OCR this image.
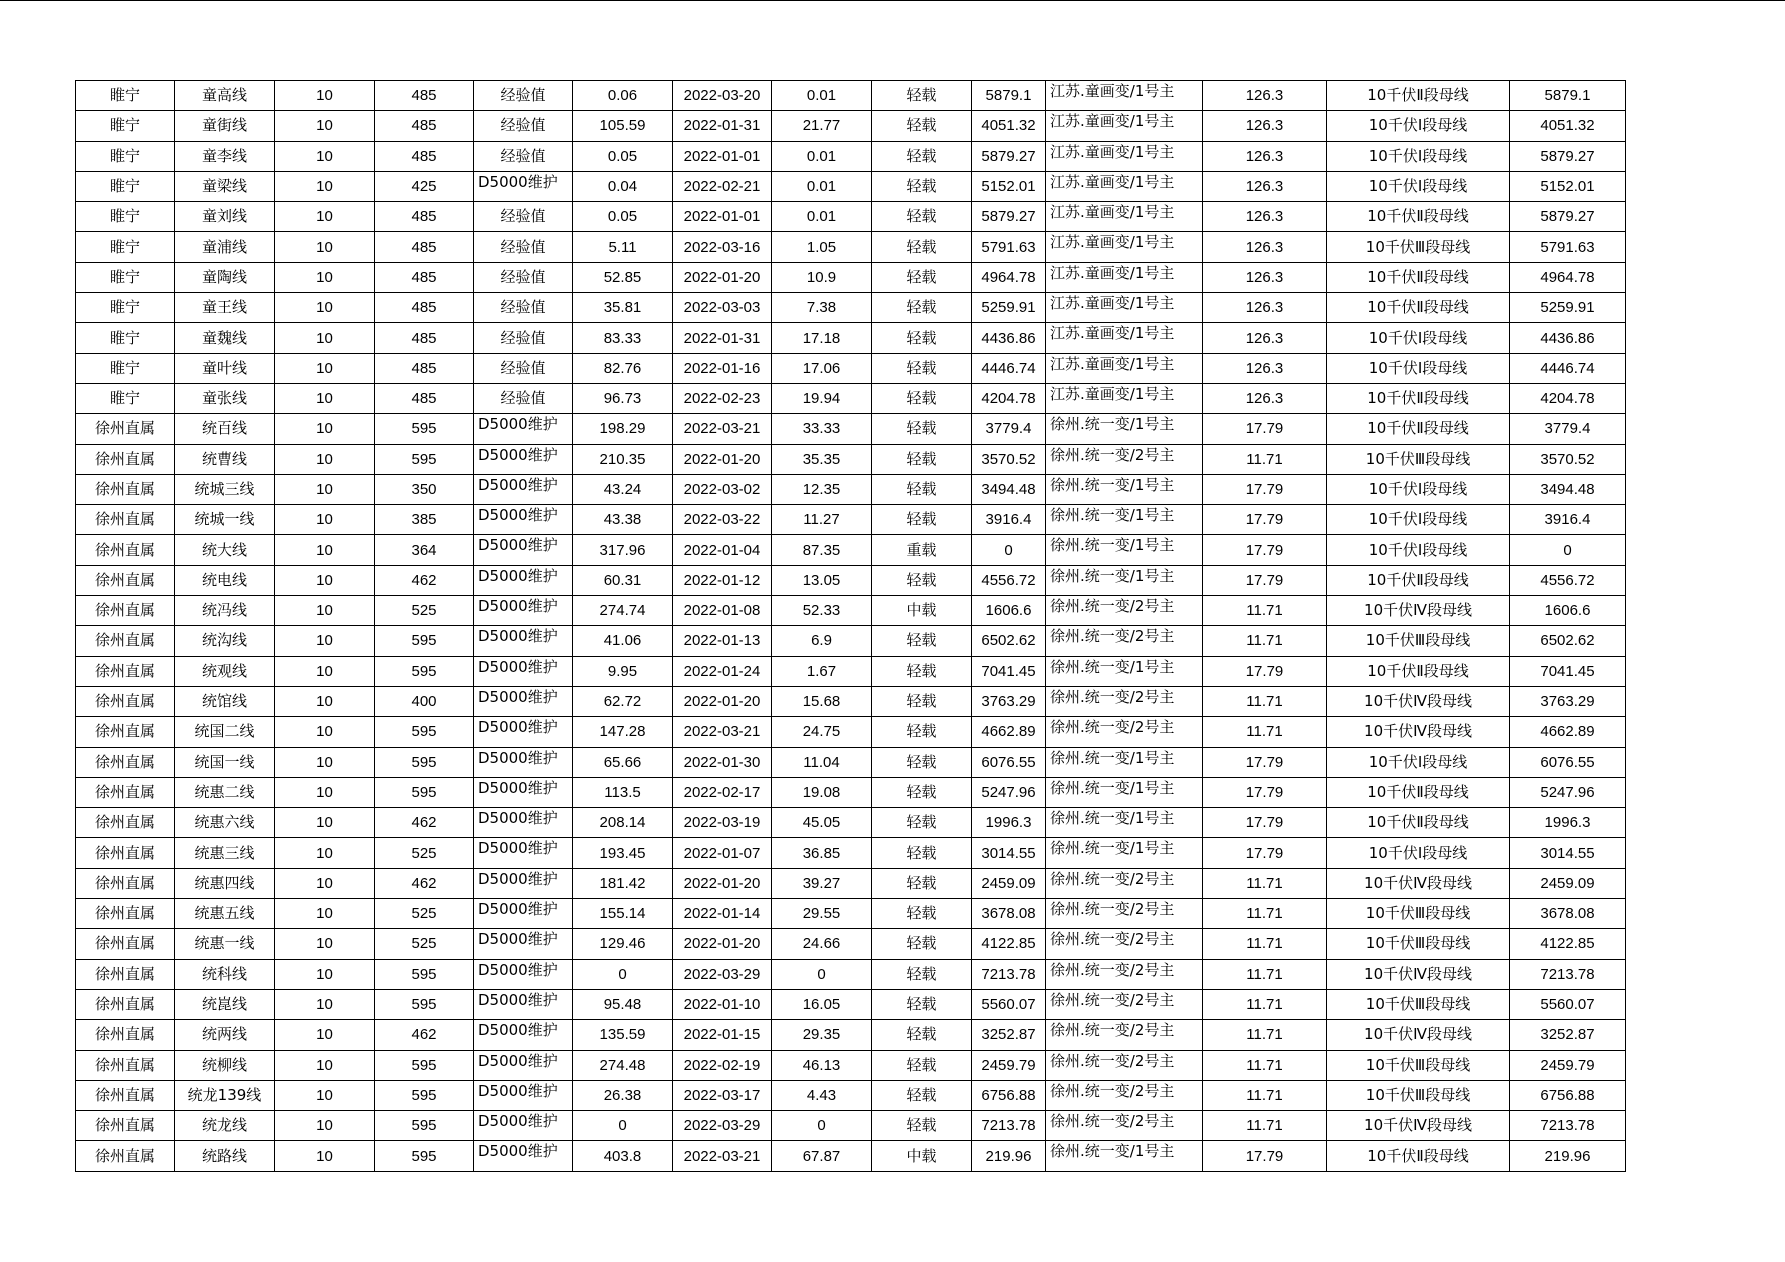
睢宁	童高线	10	485	经验值	0.06	2022-03-20	0.01	轻载	5879.1	江苏.童画变/1号主	126.3	10千伏Ⅱ段母线	5879.1
睢宁	童街线	10	485	经验值	105.59	2022-01-31	21.77	轻载	4051.32	江苏.童画变/1号主	126.3	10千伏Ⅰ段母线	4051.32
睢宁	童李线	10	485	经验值	0.05	2022-01-01	0.01	轻载	5879.27	江苏.童画变/1号主	126.3	10千伏Ⅰ段母线	5879.27
睢宁	童梁线	10	425	D5000维护	0.04	2022-02-21	0.01	轻载	5152.01	江苏.童画变/1号主	126.3	10千伏Ⅰ段母线	5152.01
睢宁	童刘线	10	485	经验值	0.05	2022-01-01	0.01	轻载	5879.27	江苏.童画变/1号主	126.3	10千伏Ⅱ段母线	5879.27
睢宁	童浦线	10	485	经验值	5.11	2022-03-16	1.05	轻载	5791.63	江苏.童画变/1号主	126.3	10千伏Ⅲ段母线	5791.63
睢宁	童陶线	10	485	经验值	52.85	2022-01-20	10.9	轻载	4964.78	江苏.童画变/1号主	126.3	10千伏Ⅱ段母线	4964.78
睢宁	童王线	10	485	经验值	35.81	2022-03-03	7.38	轻载	5259.91	江苏.童画变/1号主	126.3	10千伏Ⅱ段母线	5259.91
睢宁	童魏线	10	485	经验值	83.33	2022-01-31	17.18	轻载	4436.86	江苏.童画变/1号主	126.3	10千伏Ⅰ段母线	4436.86
睢宁	童叶线	10	485	经验值	82.76	2022-01-16	17.06	轻载	4446.74	江苏.童画变/1号主	126.3	10千伏Ⅰ段母线	4446.74
睢宁	童张线	10	485	经验值	96.73	2022-02-23	19.94	轻载	4204.78	江苏.童画变/1号主	126.3	10千伏Ⅱ段母线	4204.78
徐州直属	统百线	10	595	D5000维护	198.29	2022-03-21	33.33	轻载	3779.4	徐州.统一变/1号主	17.79	10千伏Ⅱ段母线	3779.4
徐州直属	统曹线	10	595	D5000维护	210.35	2022-01-20	35.35	轻载	3570.52	徐州.统一变/2号主	11.71	10千伏Ⅲ段母线	3570.52
徐州直属	统城三线	10	350	D5000维护	43.24	2022-03-02	12.35	轻载	3494.48	徐州.统一变/1号主	17.79	10千伏Ⅰ段母线	3494.48
徐州直属	统城一线	10	385	D5000维护	43.38	2022-03-22	11.27	轻载	3916.4	徐州.统一变/1号主	17.79	10千伏Ⅰ段母线	3916.4
徐州直属	统大线	10	364	D5000维护	317.96	2022-01-04	87.35	重载	0	徐州.统一变/1号主	17.79	10千伏Ⅰ段母线	0
徐州直属	统电线	10	462	D5000维护	60.31	2022-01-12	13.05	轻载	4556.72	徐州.统一变/1号主	17.79	10千伏Ⅱ段母线	4556.72
徐州直属	统冯线	10	525	D5000维护	274.74	2022-01-08	52.33	中载	1606.6	徐州.统一变/2号主	11.71	10千伏Ⅳ段母线	1606.6
徐州直属	统沟线	10	595	D5000维护	41.06	2022-01-13	6.9	轻载	6502.62	徐州.统一变/2号主	11.71	10千伏Ⅲ段母线	6502.62
徐州直属	统观线	10	595	D5000维护	9.95	2022-01-24	1.67	轻载	7041.45	徐州.统一变/1号主	17.79	10千伏Ⅱ段母线	7041.45
徐州直属	统馆线	10	400	D5000维护	62.72	2022-01-20	15.68	轻载	3763.29	徐州.统一变/2号主	11.71	10千伏Ⅳ段母线	3763.29
徐州直属	统国二线	10	595	D5000维护	147.28	2022-03-21	24.75	轻载	4662.89	徐州.统一变/2号主	11.71	10千伏Ⅳ段母线	4662.89
徐州直属	统国一线	10	595	D5000维护	65.66	2022-01-30	11.04	轻载	6076.55	徐州.统一变/1号主	17.79	10千伏Ⅰ段母线	6076.55
徐州直属	统惠二线	10	595	D5000维护	113.5	2022-02-17	19.08	轻载	5247.96	徐州.统一变/1号主	17.79	10千伏Ⅱ段母线	5247.96
徐州直属	统惠六线	10	462	D5000维护	208.14	2022-03-19	45.05	轻载	1996.3	徐州.统一变/1号主	17.79	10千伏Ⅱ段母线	1996.3
徐州直属	统惠三线	10	525	D5000维护	193.45	2022-01-07	36.85	轻载	3014.55	徐州.统一变/1号主	17.79	10千伏Ⅰ段母线	3014.55
徐州直属	统惠四线	10	462	D5000维护	181.42	2022-01-20	39.27	轻载	2459.09	徐州.统一变/2号主	11.71	10千伏Ⅳ段母线	2459.09
徐州直属	统惠五线	10	525	D5000维护	155.14	2022-01-14	29.55	轻载	3678.08	徐州.统一变/2号主	11.71	10千伏Ⅲ段母线	3678.08
徐州直属	统惠一线	10	525	D5000维护	129.46	2022-01-20	24.66	轻载	4122.85	徐州.统一变/2号主	11.71	10千伏Ⅲ段母线	4122.85
徐州直属	统科线	10	595	D5000维护	0	2022-03-29	0	轻载	7213.78	徐州.统一变/2号主	11.71	10千伏Ⅳ段母线	7213.78
徐州直属	统崑线	10	595	D5000维护	95.48	2022-01-10	16.05	轻载	5560.07	徐州.统一变/2号主	11.71	10千伏Ⅲ段母线	5560.07
徐州直属	统两线	10	462	D5000维护	135.59	2022-01-15	29.35	轻载	3252.87	徐州.统一变/2号主	11.71	10千伏Ⅳ段母线	3252.87
徐州直属	统柳线	10	595	D5000维护	274.48	2022-02-19	46.13	轻载	2459.79	徐州.统一变/2号主	11.71	10千伏Ⅲ段母线	2459.79
徐州直属	统龙139线	10	595	D5000维护	26.38	2022-03-17	4.43	轻载	6756.88	徐州.统一变/2号主	11.71	10千伏Ⅲ段母线	6756.88
徐州直属	统龙线	10	595	D5000维护	0	2022-03-29	0	轻载	7213.78	徐州.统一变/2号主	11.71	10千伏Ⅳ段母线	7213.78
徐州直属	统路线	10	595	D5000维护	403.8	2022-03-21	67.87	中载	219.96	徐州.统一变/1号主	17.79	10千伏Ⅱ段母线	219.96
